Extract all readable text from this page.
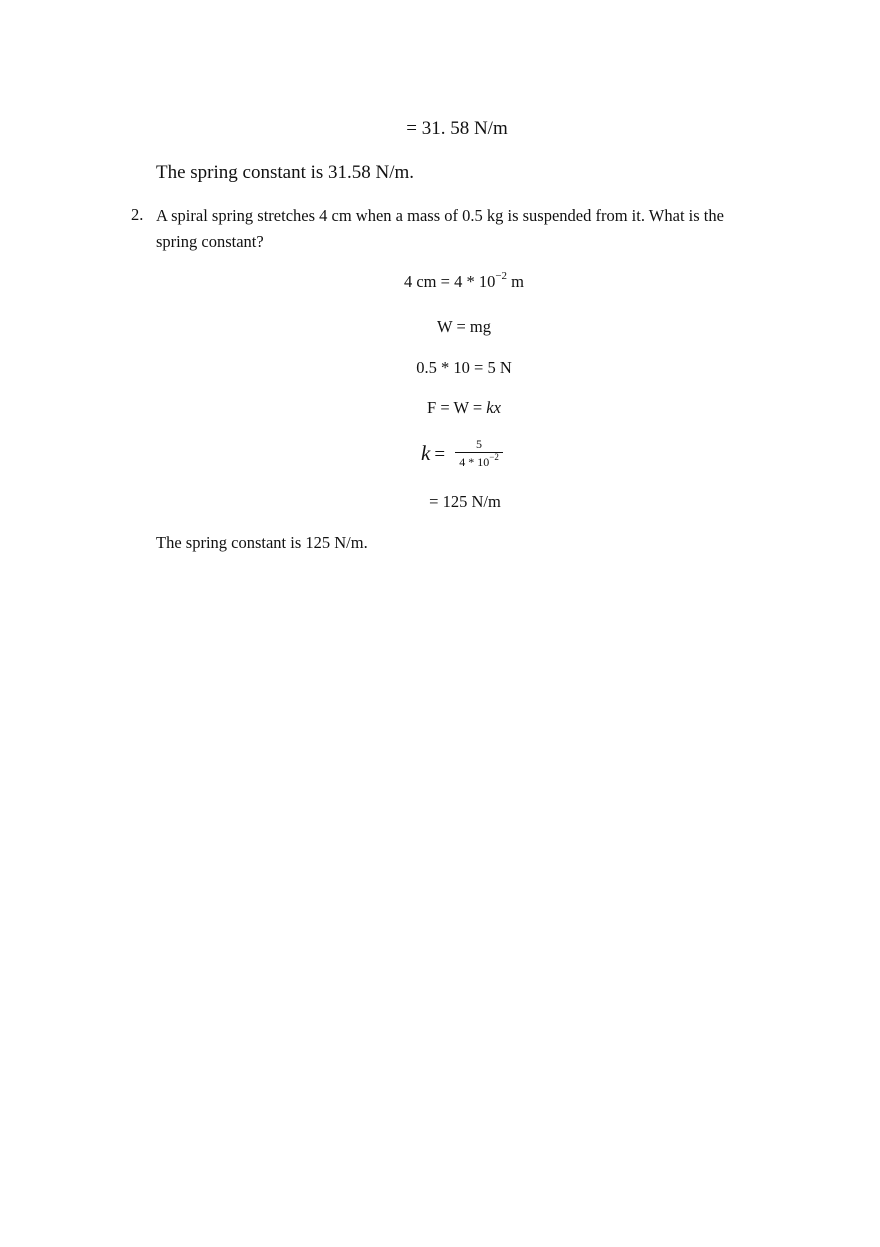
= 31. 58 N/m
The spring constant is 31.58 N/m.
2. A spiral spring stretches 4 cm when a mass of 0.5 kg is suspended from it. What is the spring constant?
4 cm = $4 * 10^{-2}$ m
W = mg
0.5 * 10 = 5 N
F = W = kx
$k = \frac{5}{4 * 10^{-2}}$
= 125 N/m
The spring constant is 125 N/m.
